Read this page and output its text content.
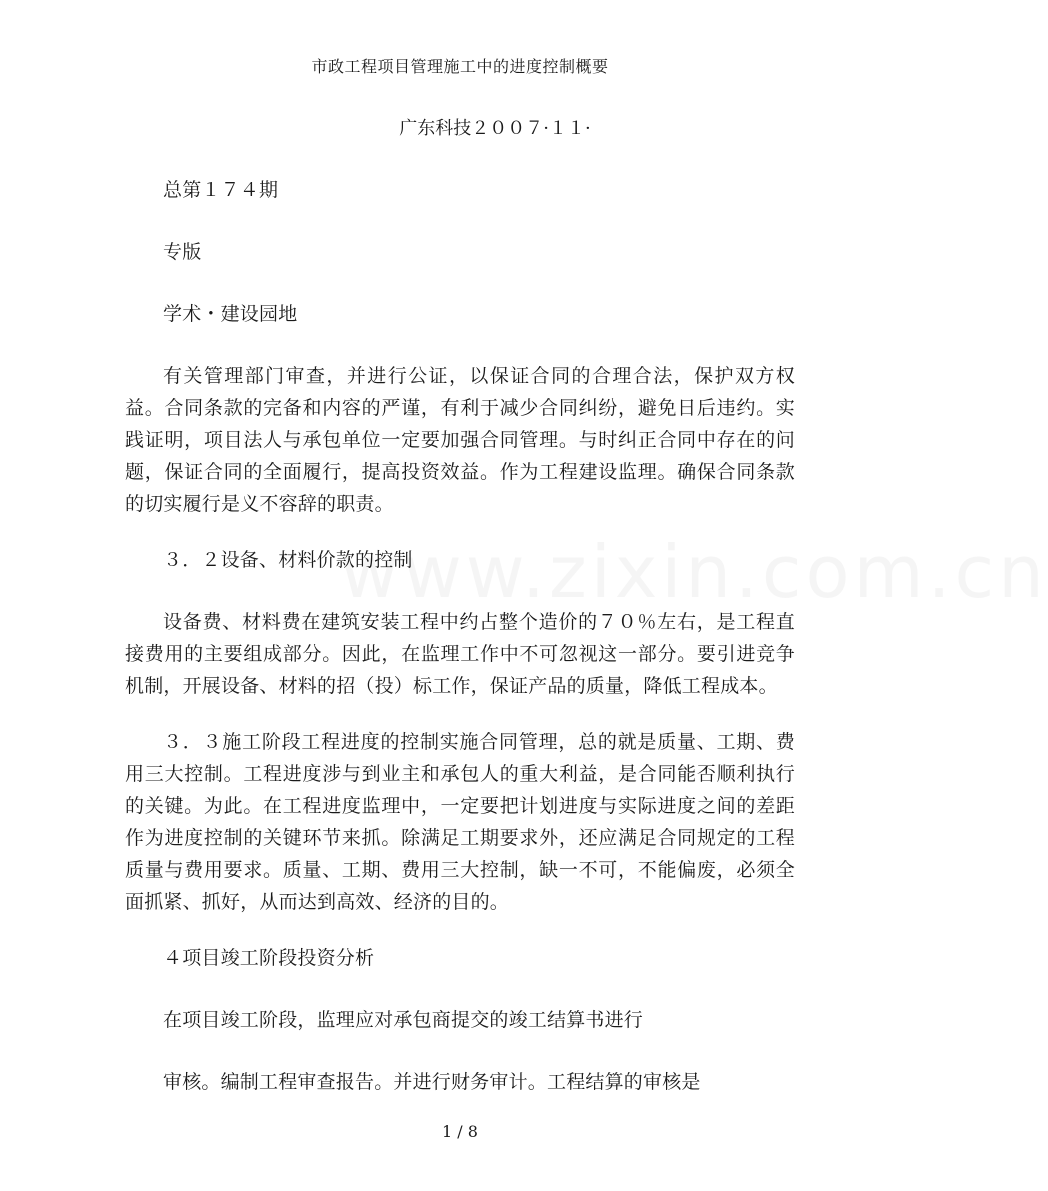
市政工程项目管理施工中的进度控制概要
www.zixin.com.cn
广东科技２００７·１１·
总第１７４期
专版
学术・建设园地
有关管理部门审查，并进行公证，以保证合同的合理合法，保护双方权益。合同条款的完备和内容的严谨，有利于减少合同纠纷，避免日后违约。实践证明，项目法人与承包单位一定要加强合同管理。与时纠正合同中存在的问题，保证合同的全面履行，提高投资效益。作为工程建设监理。确保合同条款的切实履行是义不容辞的职责。
３．２设备、材料价款的控制
设备费、材料费在建筑安装工程中约占整个造价的７０％左右，是工程直接费用的主要组成部分。因此，在监理工作中不可忽视这一部分。要引进竞争机制，开展设备、材料的招（投）标工作，保证产品的质量，降低工程成本。
３．３施工阶段工程进度的控制实施合同管理，总的就是质量、工期、费用三大控制。工程进度涉与到业主和承包人的重大利益，是合同能否顺利执行的关键。为此。在工程进度监理中，一定要把计划进度与实际进度之间的差距作为进度控制的关键环节来抓。除满足工期要求外，还应满足合同规定的工程质量与费用要求。质量、工期、费用三大控制，缺一不可，不能偏废，必须全面抓紧、抓好，从而达到高效、经济的目的。
４项目竣工阶段投资分析
在项目竣工阶段，监理应对承包商提交的竣工结算书进行
审核。编制工程审查报告。并进行财务审计。工程结算的审核是
1 / 8
